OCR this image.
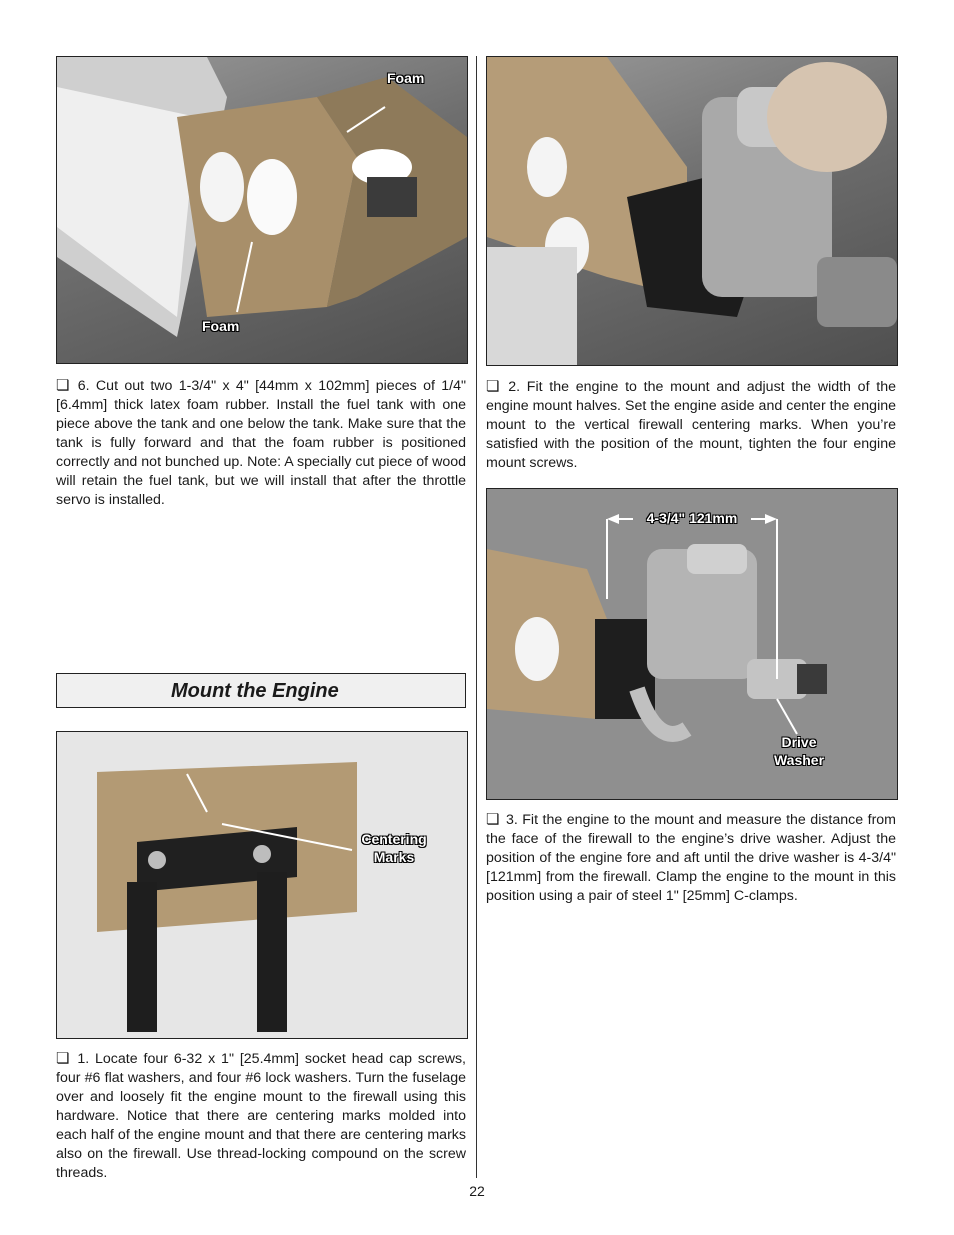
Foam
Foam
❏ 6. Cut out two 1-3/4" x 4" [44mm x 102mm] pieces of 1/4" [6.4mm] thick latex foam rubber. Install the fuel tank with one piece above the tank and one below the tank. Make sure that the tank is fully forward and that the foam rubber is positioned correctly and not bunched up. Note: A specially cut piece of wood will retain the fuel tank, but we will install that after the throttle servo is installed.
Mount the Engine
Centering Marks
❏ 1. Locate four 6-32 x 1" [25.4mm] socket head cap screws, four #6 flat washers, and four #6 lock washers. Turn the fuselage over and loosely fit the engine mount to the firewall using this hardware. Notice that there are centering marks molded into each half of the engine mount and that there are centering marks also on the firewall. Use thread-locking compound on the screw threads.
❏ 2. Fit the engine to the mount and adjust the width of the engine mount halves. Set the engine aside and center the engine mount to the vertical firewall centering marks. When you’re satisfied with the position of the mount, tighten the four engine mount screws.
4-3/4" 121mm
Drive Washer
❏ 3. Fit the engine to the mount and measure the distance from the face of the firewall to the engine’s drive washer. Adjust the position of the engine fore and aft until the drive washer is 4-3/4" [121mm] from the firewall. Clamp the engine to the mount in this position using a pair of steel 1" [25mm] C-clamps.
22
